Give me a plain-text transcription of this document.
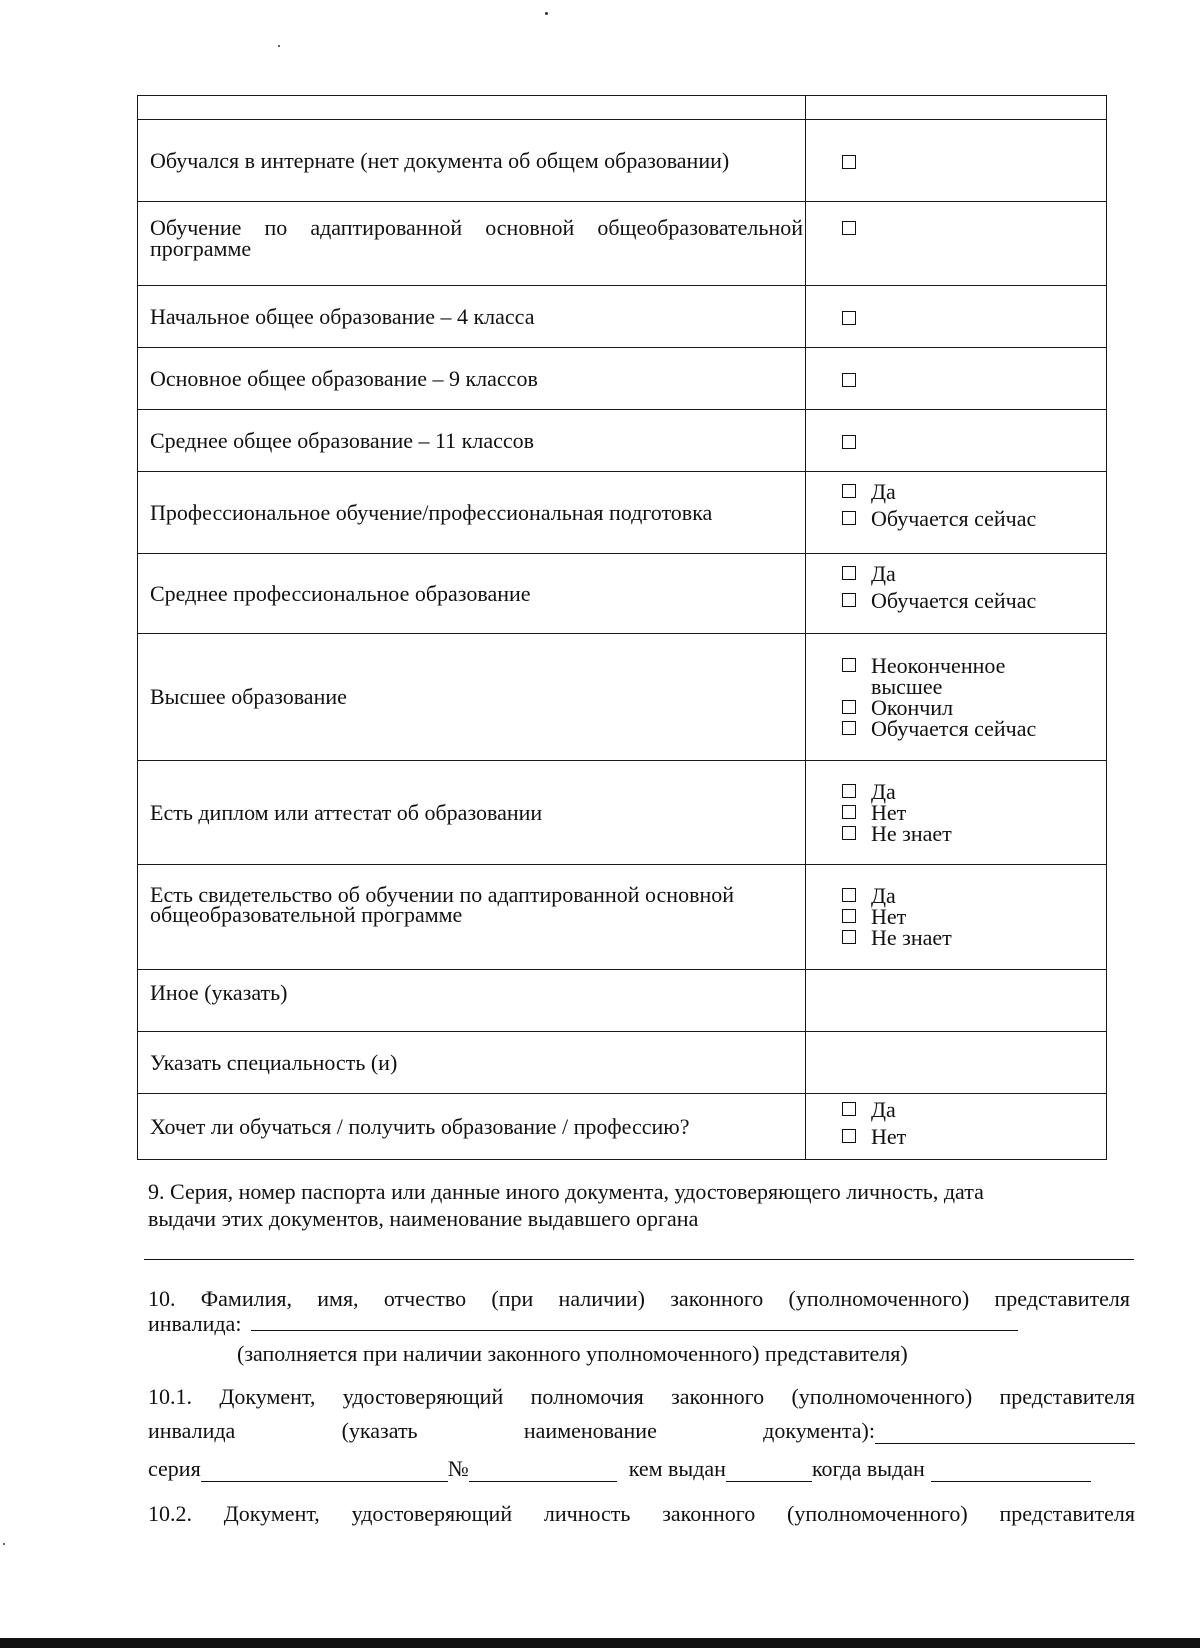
Обучался в интернате (нет документа об общем образовании)	

Обучение по адаптированной основной общеобразовательной программе	

Начальное общее образование – 4 класса	

Основное общее образование – 9 классов	

Среднее общее образование – 11 классов	

Профессиональное обучение/профессиональная подготовка	Да
Обучается сейчас

Среднее профессиональное образование	Да
Обучается сейчас

Высшее образование	Неоконченное высшее
Окончил
Обучается сейчас

Есть диплом или аттестат об образовании	Да
Нет
Не знает

Есть свидетельство об обучении по адаптированной основной общеобразовательной программе	Да
Нет
Не знает

Иное (указать)	

Указать специальность (и)	

Хочет ли обучаться / получить образование / профессию?	Да
Нет
9. Серия, номер паспорта или данные иного документа, удостоверяющего личность, дата
выдачи этих документов, наименование выдавшего органа
10. Фамилия, имя, отчество (при наличии) законного (уполномоченного) представителя
инвалида:
(заполняется при наличии законного уполномоченного) представителя)
10.1. Документ, удостоверяющий полномочия законного (уполномоченного) представителя
инвалида	(указать	наименование	документа):
серия	№	кем выдан	когда выдан
10.2. Документ, удостоверяющий личность законного (уполномоченного) представителя
